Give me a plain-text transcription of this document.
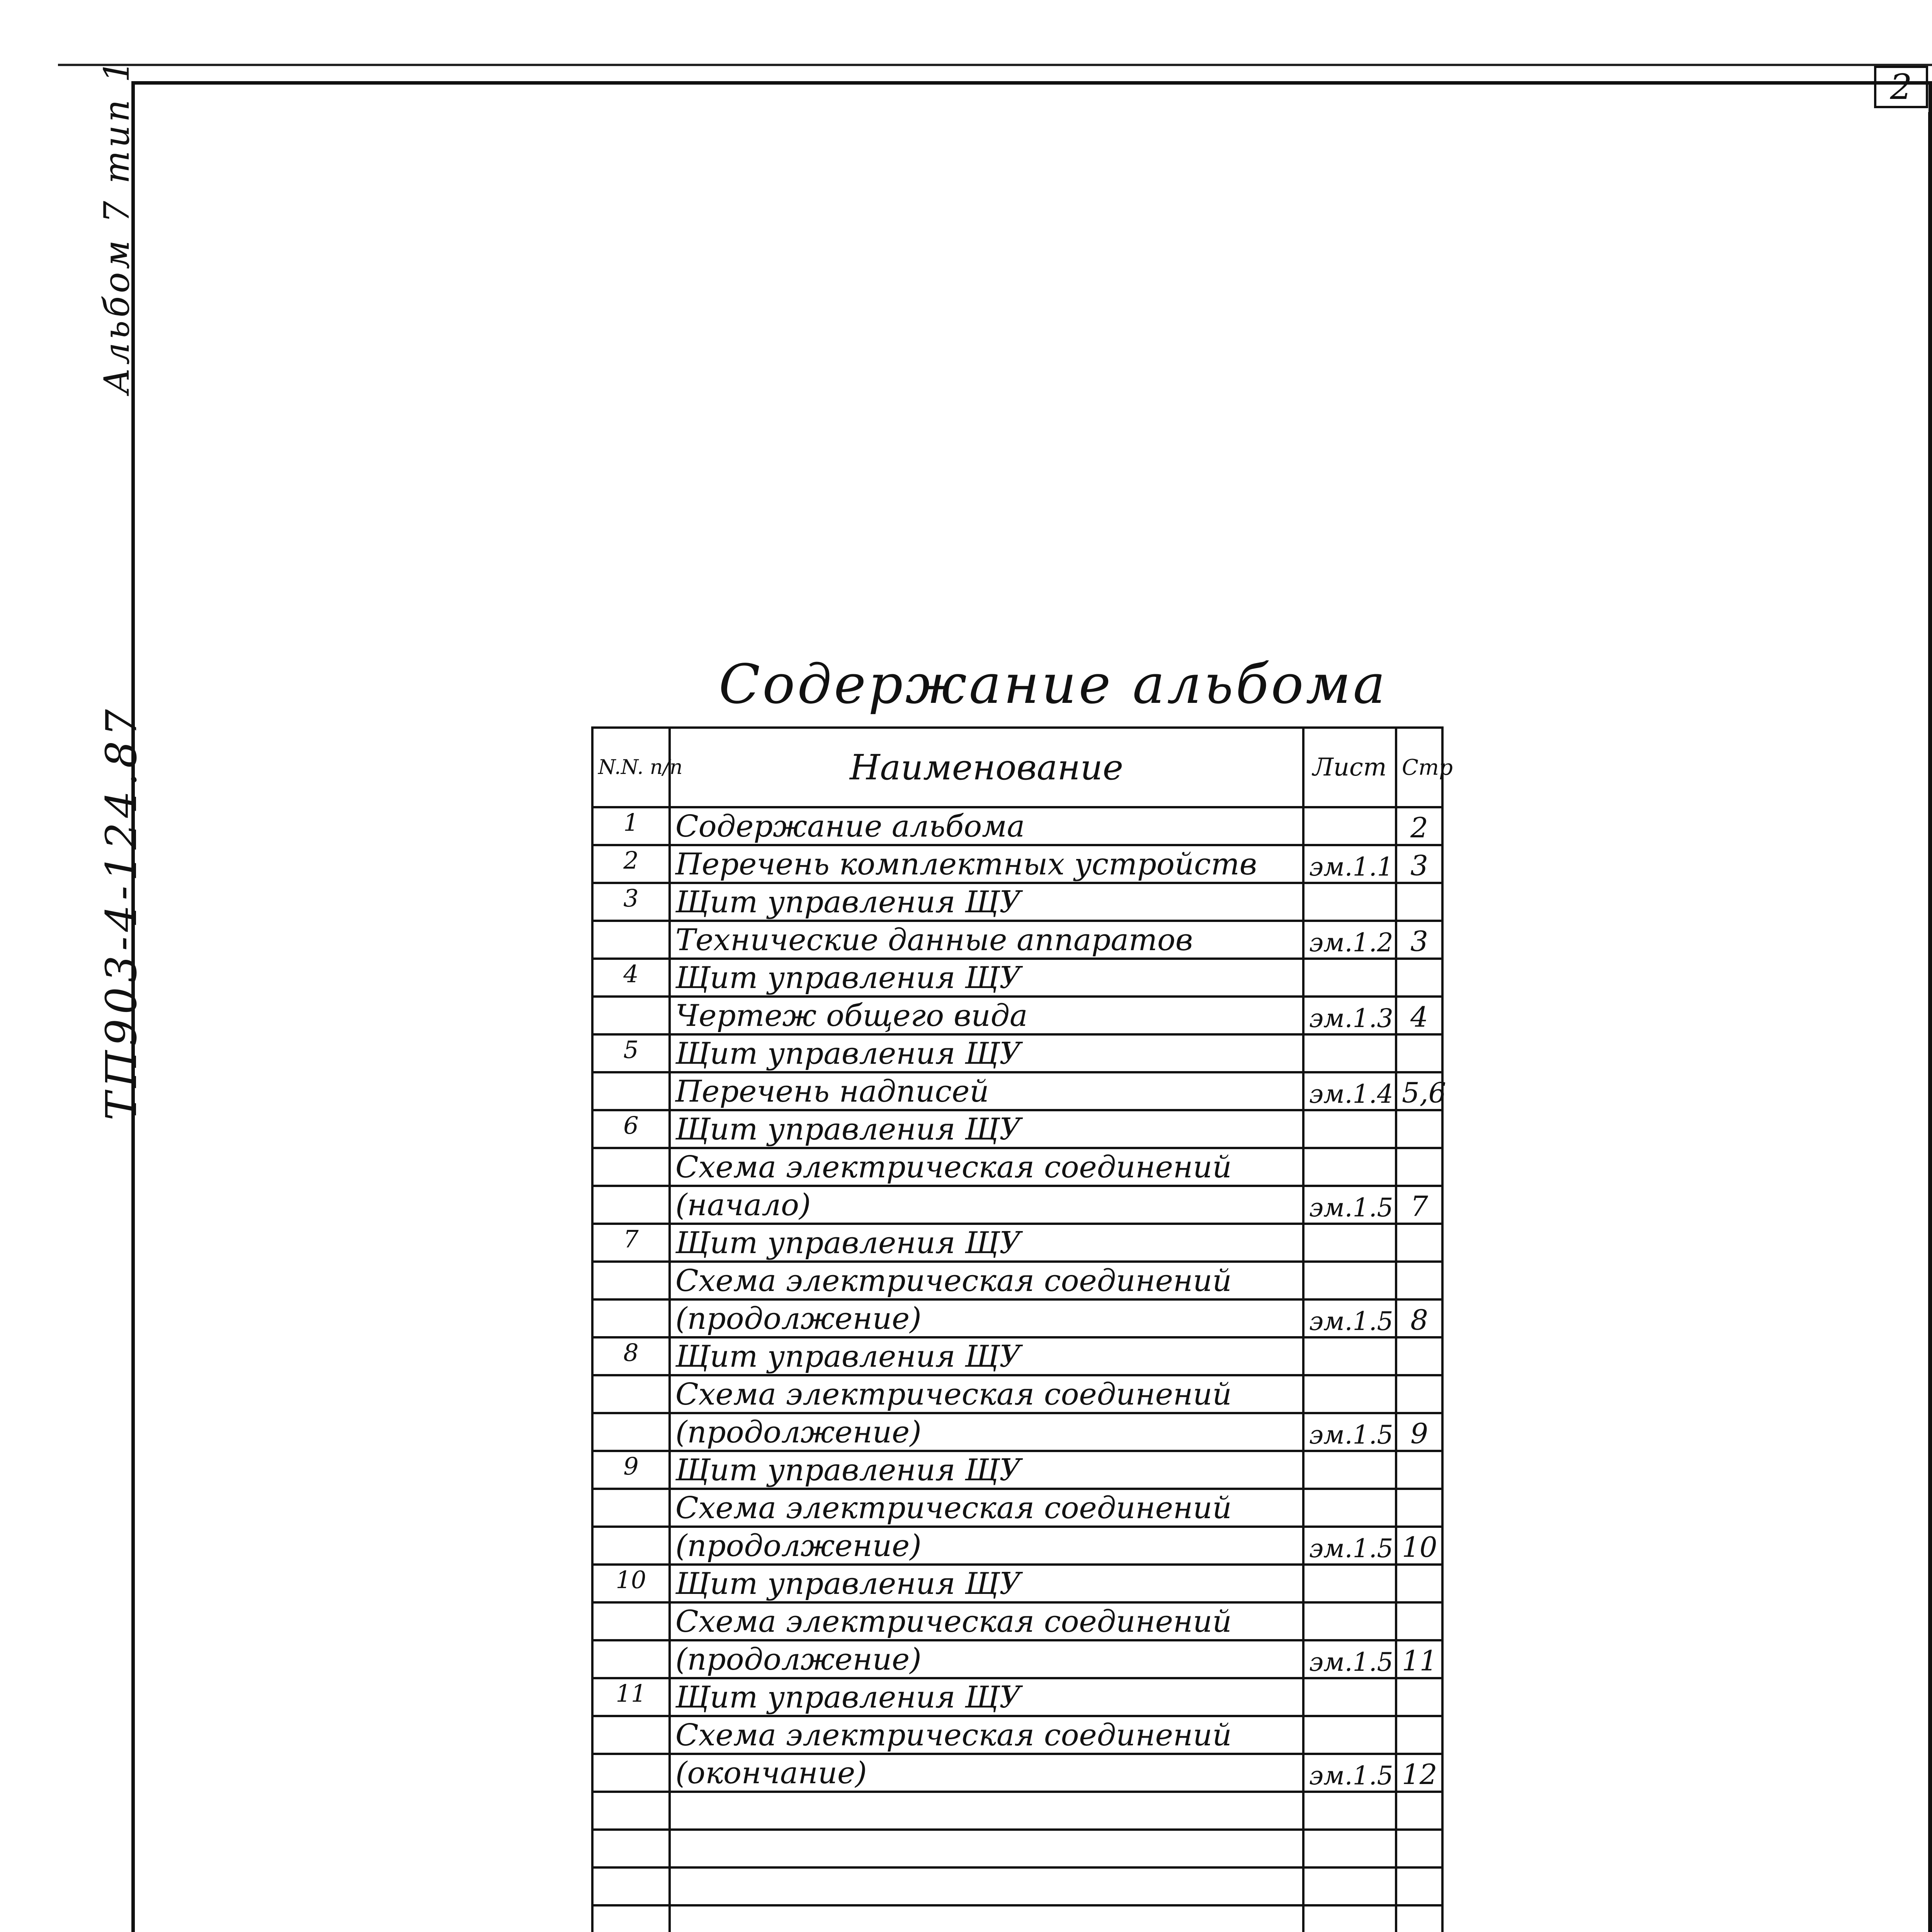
2
Альбом 7 тип 1
ТП903-4-124.87
Содержание альбома
N.N. п/п	Наименование	Лист	Стр
1	Содержание альбома		2
2	Перечень комплектных устройств	эм.1.1	3
3	Щит управления ЩУ		
	Технические данные аппаратов	эм.1.2	3
4	Щит управления ЩУ		
	Чертеж общего вида	эм.1.3	4
5	Щит управления ЩУ		
	Перечень надписей	эм.1.4	5,6
6	Щит управления ЩУ		
	Схема электрическая соединений		
	(начало)	эм.1.5	7
7	Щит управления ЩУ		
	Схема электрическая соединений		
	(продолжение)	эм.1.5	8
8	Щит управления ЩУ		
	Схема электрическая соединений		
	(продолжение)	эм.1.5	9
9	Щит управления ЩУ		
	Схема электрическая соединений		
	(продолжение)	эм.1.5	10
10	Щит управления ЩУ		
	Схема электрическая соединений		
	(продолжение)	эм.1.5	11
11	Щит управления ЩУ		
	Схема электрическая соединений		
	(окончание)	эм.1.5	12
